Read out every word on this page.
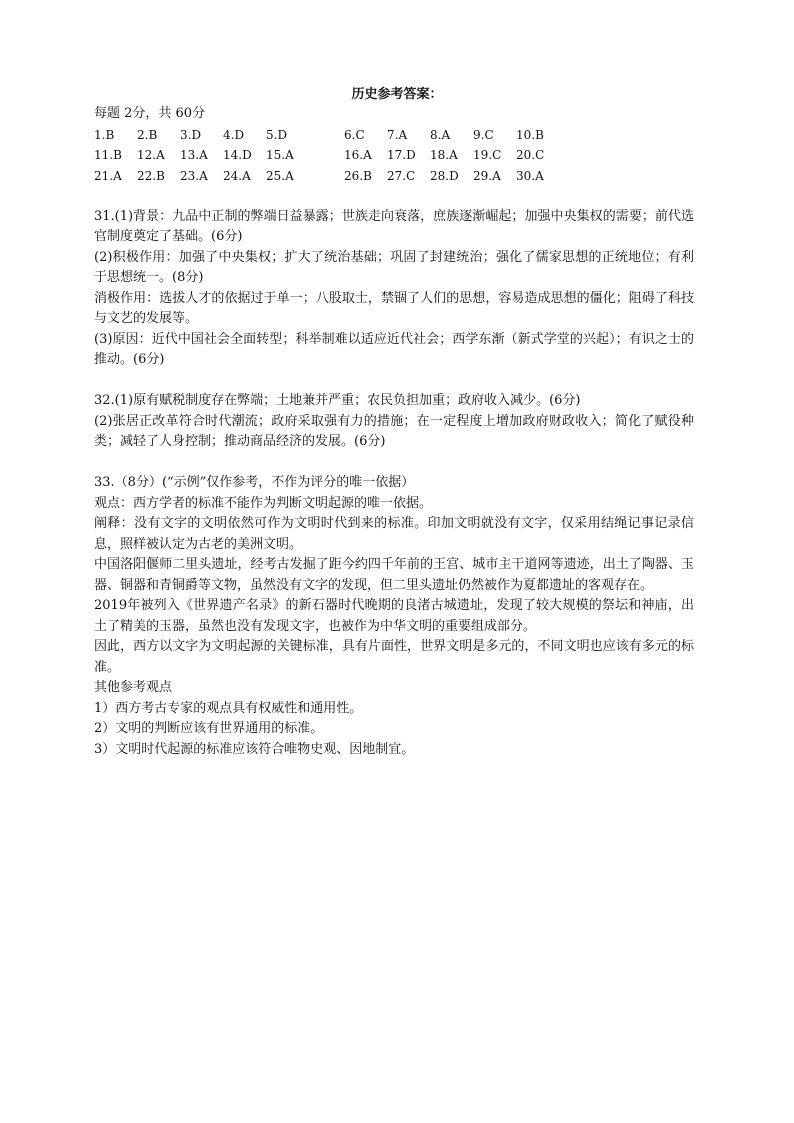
历史参考答案：

每题 2分，共 60分

1.B	2.B	3.D	4.D	5.D	6.C	7.A	8.A	9.C	10.B
11.B	12.A	13.A	14.D	15.A	16.A	17.D	18.A	19.C	20.C
21.A	22.B	23.A	24.A	25.A	26.B	27.C	28.D	29.A	30.A

31.(1)背景：九品中正制的弊端日益暴露；世族走向衰落，庶族逐渐崛起；加强中央集权的需要；前代选官制度奠定了基础。(6分)

(2)积极作用：加强了中央集权；扩大了统治基础；巩固了封建统治；强化了儒家思想的正统地位；有利于思想统一。(8分)

消极作用：选拔人才的依据过于单一；八股取士，禁锢了人们的思想，容易造成思想的僵化；阻碍了科技与文艺的发展等。

(3)原因：近代中国社会全面转型；科举制难以适应近代社会；西学东渐（新式学堂的兴起）；有识之士的推动。(6分)

32.(1)原有赋税制度存在弊端；土地兼并严重；农民负担加重；政府收入减少。(6分)

(2)张居正改革符合时代潮流；政府采取强有力的措施；在一定程度上增加政府财政收入；简化了赋役种类；减轻了人身控制；推动商品经济的发展。(6分)

33.（8分）(“示例”仅作参考，不作为评分的唯一依据）

观点：西方学者的标准不能作为判断文明起源的唯一依据。

阐释：没有文字的文明依然可作为文明时代到来的标准。印加文明就没有文字，仅采用结绳记事记录信息，照样被认定为古老的美洲文明。

中国洛阳偃师二里头遗址，经考古发掘了距今约四千年前的王宫、城市主干道网等遗迹，出土了陶器、玉器、铜器和青铜爵等文物，虽然没有文字的发现，但二里头遗址仍然被作为夏都遗址的客观存在。

2019年被列入《世界遗产名录》的新石器时代晚期的良渚古城遗址，发现了较大规模的祭坛和神庙，出土了精美的玉器，虽然也没有发现文字，也被作为中华文明的重要组成部分。

因此，西方以文字为文明起源的关键标准，具有片面性，世界文明是多元的，不同文明也应该有多元的标准。

其他参考观点

1）西方考古专家的观点具有权威性和通用性。

2）文明的判断应该有世界通用的标准。

3）文明时代起源的标准应该符合唯物史观、因地制宜。
